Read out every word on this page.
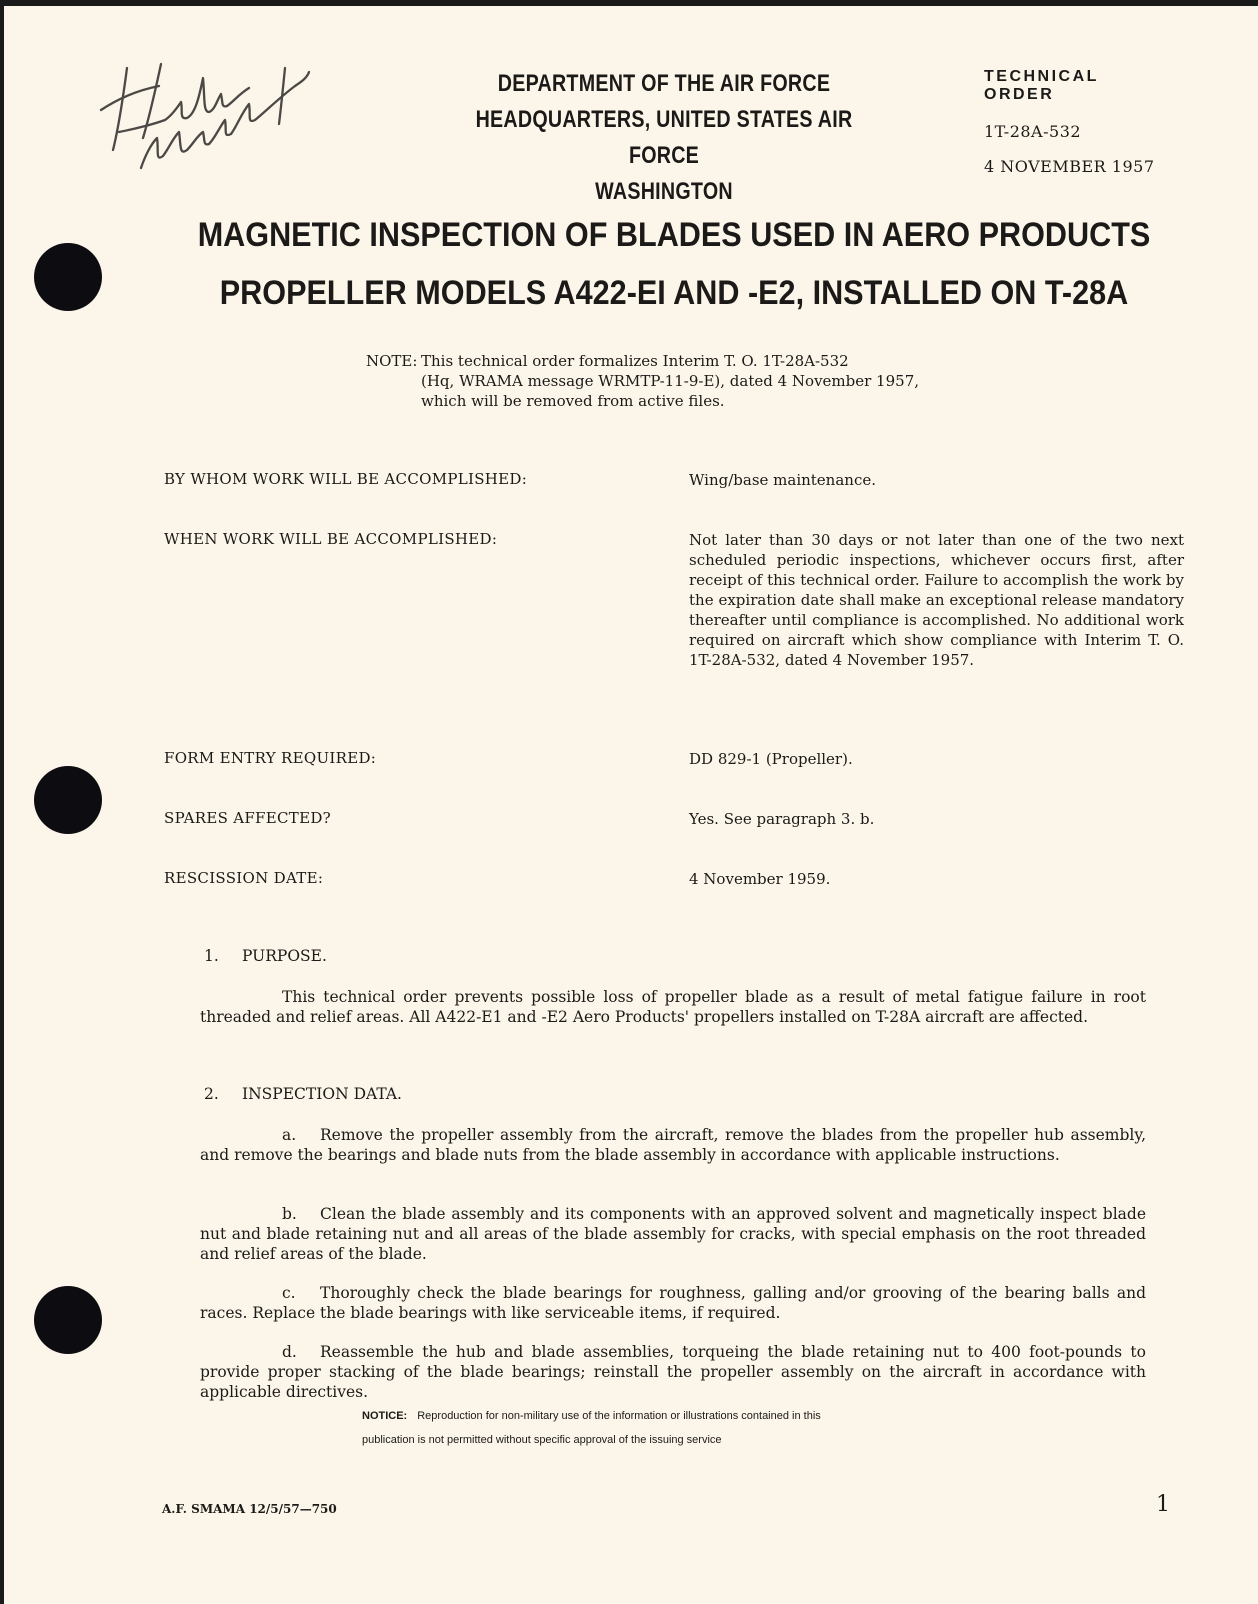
DEPARTMENT OF THE AIR FORCE
HEADQUARTERS, UNITED STATES AIR FORCE
WASHINGTON
TECHNICAL ORDER
1T-28A-532
4 NOVEMBER 1957
MAGNETIC INSPECTION OF BLADES USED IN AERO PRODUCTS
PROPELLER MODELS A422-EI AND -E2, INSTALLED ON T-28A
NOTE: This technical order formalizes Interim T. O. 1T-28A-532
(Hq, WRAMA message WRMTP-11-9-E), dated 4 November 1957,
which will be removed from active files.
BY WHOM WORK WILL BE ACCOMPLISHED:	Wing/base maintenance.
WHEN WORK WILL BE ACCOMPLISHED:	Not later than 30 days or not later than one of the two next scheduled periodic inspections, whichever occurs first, after receipt of this technical order. Failure to accomplish the work by the expiration date shall make an exceptional release mandatory thereafter until compliance is accomplished. No additional work required on aircraft which show compliance with Interim T. O. 1T-28A-532, dated 4 November 1957.
FORM ENTRY REQUIRED:	DD 829-1 (Propeller).
SPARES AFFECTED?	Yes. See paragraph 3. b.
RESCISSION DATE:	4 November 1959.
1. PURPOSE.
This technical order prevents possible loss of propeller blade as a result of metal fatigue failure in root threaded and relief areas. All A422-E1 and -E2 Aero Products' propellers installed on T-28A aircraft are affected.
2. INSPECTION DATA.
a. Remove the propeller assembly from the aircraft, remove the blades from the propeller hub assembly, and remove the bearings and blade nuts from the blade assembly in accordance with applicable instructions.
b. Clean the blade assembly and its components with an approved solvent and magnetically inspect blade nut and blade retaining nut and all areas of the blade assembly for cracks, with special emphasis on the root threaded and relief areas of the blade.
c. Thoroughly check the blade bearings for roughness, galling and/or grooving of the bearing balls and races. Replace the blade bearings with like serviceable items, if required.
d. Reassemble the hub and blade assemblies, torqueing the blade retaining nut to 400 foot-pounds to provide proper stacking of the blade bearings; reinstall the propeller assembly on the aircraft in accordance with applicable directives.
NOTICE: Reproduction for non-military use of the information or illustrations contained in this
publication is not permitted without specific approval of the issuing service
A.F. SMAMA 12/5/57—750	1
